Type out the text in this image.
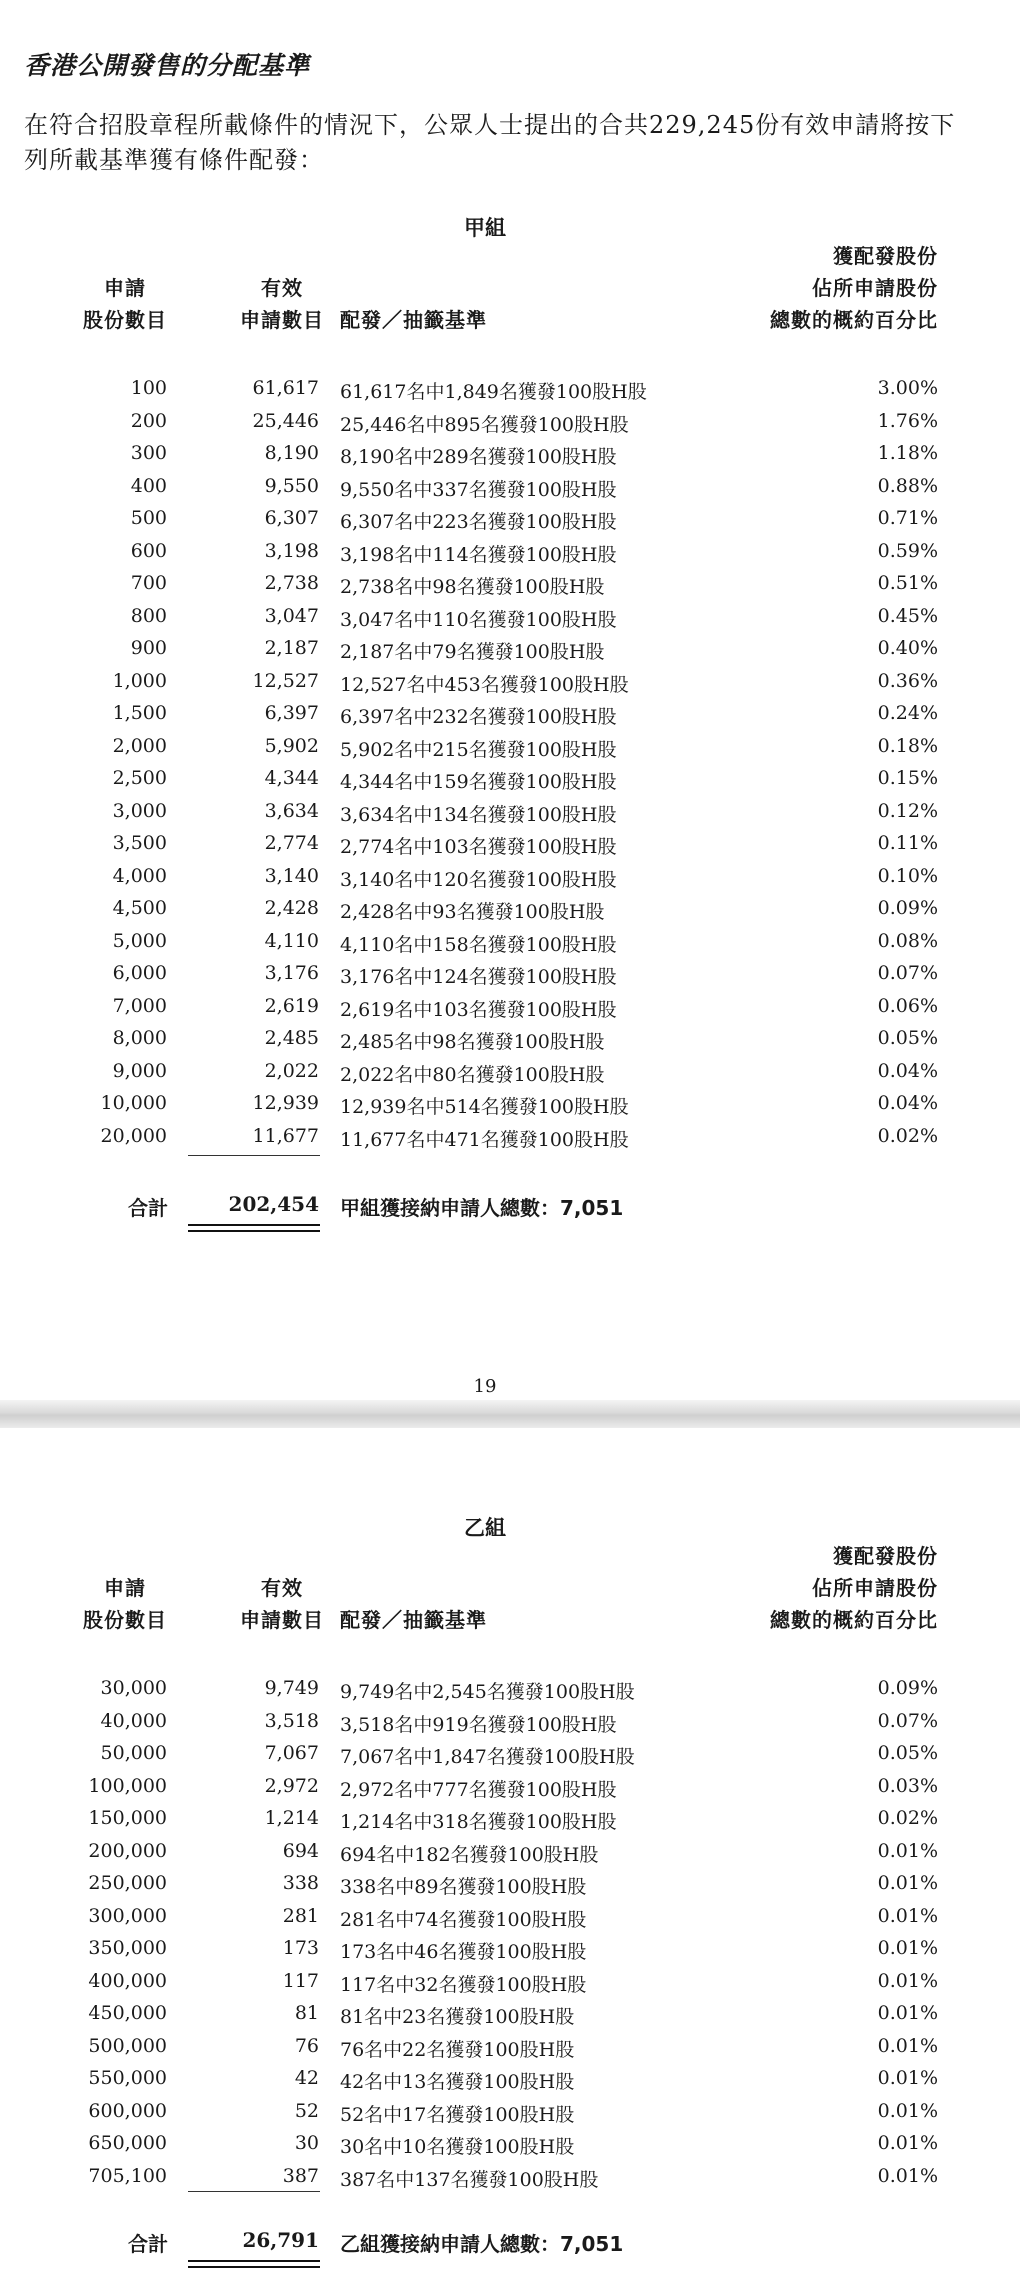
香港公開發售的分配基準
在符合招股章程所載條件的情況下，公眾人士提出的合共229,245份有效申請將按下列所載基準獲有條件配發：
甲組
申請
股份數目
有效
申請數目 配發／抽籤基準
獲配發股份
佔所申請股份
總數的概約百分比
100	61,617 61,617名中1,849名獲發100股H股	3.00%
200	25,446 25,446名中895名獲發100股H股	1.76%
300	8,190 8,190名中289名獲發100股H股	1.18%
400	9,550 9,550名中337名獲發100股H股	0.88%
500	6,307 6,307名中223名獲發100股H股	0.71%
600	3,198 3,198名中114名獲發100股H股	0.59%
700	2,738 2,738名中98名獲發100股H股	0.51%
800	3,047 3,047名中110名獲發100股H股	0.45%
900	2,187 2,187名中79名獲發100股H股	0.40%
1,000	12,527 12,527名中453名獲發100股H股	0.36%
1,500	6,397 6,397名中232名獲發100股H股	0.24%
2,000	5,902 5,902名中215名獲發100股H股	0.18%
2,500	4,344 4,344名中159名獲發100股H股	0.15%
3,000	3,634 3,634名中134名獲發100股H股	0.12%
3,500	2,774 2,774名中103名獲發100股H股	0.11%
4,000	3,140 3,140名中120名獲發100股H股	0.10%
4,500	2,428 2,428名中93名獲發100股H股	0.09%
5,000	4,110 4,110名中158名獲發100股H股	0.08%
6,000	3,176 3,176名中124名獲發100股H股	0.07%
7,000	2,619 2,619名中103名獲發100股H股	0.06%
8,000	2,485 2,485名中98名獲發100股H股	0.05%
9,000	2,022 2,022名中80名獲發100股H股	0.04%
10,000	12,939 12,939名中514名獲發100股H股	0.04%
20,000	11,677 11,677名中471名獲發100股H股	0.02%
合計	202,454 甲組獲接納申請人總數：7,051
19
乙組
申請
股份數目
有效
申請數目 配發／抽籤基準
獲配發股份
佔所申請股份
總數的概約百分比
30,000	9,749 9,749名中2,545名獲發100股H股	0.09%
40,000	3,518 3,518名中919名獲發100股H股	0.07%
50,000	7,067 7,067名中1,847名獲發100股H股	0.05%
100,000	2,972 2,972名中777名獲發100股H股	0.03%
150,000	1,214 1,214名中318名獲發100股H股	0.02%
200,000	694 694名中182名獲發100股H股	0.01%
250,000	338 338名中89名獲發100股H股	0.01%
300,000	281 281名中74名獲發100股H股	0.01%
350,000	173 173名中46名獲發100股H股	0.01%
400,000	117 117名中32名獲發100股H股	0.01%
450,000	81 81名中23名獲發100股H股	0.01%
500,000	76 76名中22名獲發100股H股	0.01%
550,000	42 42名中13名獲發100股H股	0.01%
600,000	52 52名中17名獲發100股H股	0.01%
650,000	30 30名中10名獲發100股H股	0.01%
705,100	387 387名中137名獲發100股H股	0.01%
合計	26,791 乙組獲接納申請人總數：7,051
